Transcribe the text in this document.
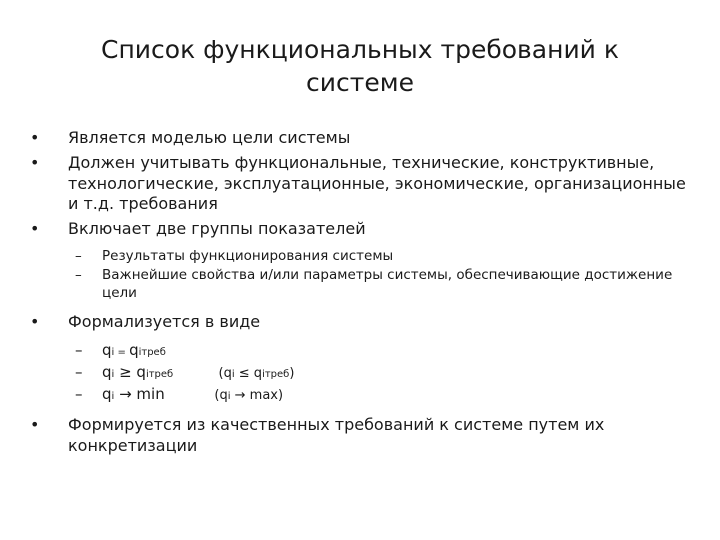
Список функциональных требований к системе
•	Является моделью цели системы
•	Должен учитывать функциональные, технические, конструктивные, технологические, эксплуатационные, экономические, организационные и т.д. требования
•	Включает две группы показателей
– Результаты функционирования системы
– Важнейшие свойства и/или параметры системы, обеспечивающие достижение цели
•	Формализуется в виде
– qi = qiтреб
– qi ≥ qiтреб	(qi ≤ qiтреб)
– qi → min	(qi → max)
•	Формируется из качественных требований к системе путем их конкретизации
